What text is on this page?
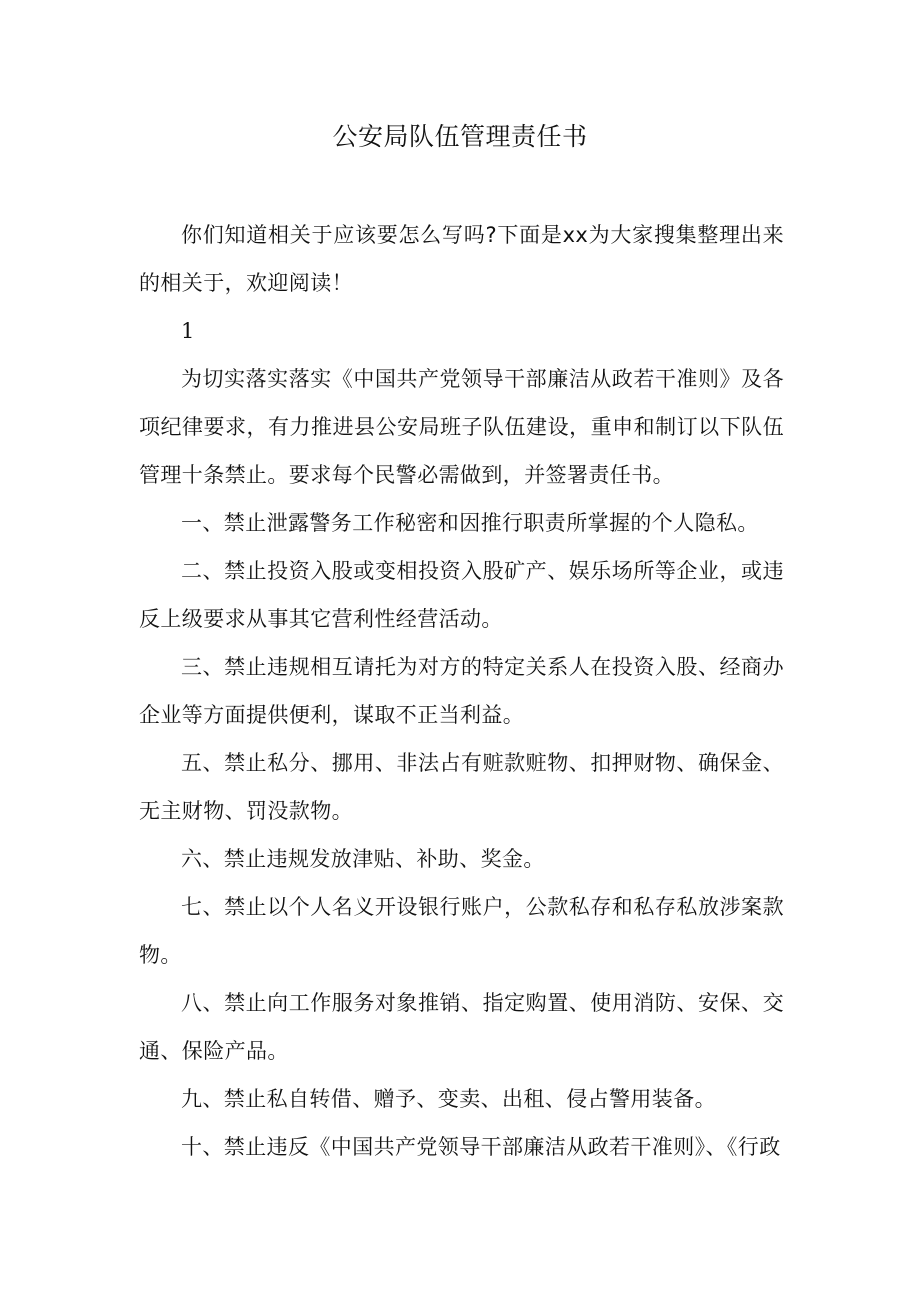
公安局队伍管理责任书

你们知道相关于应该要怎么写吗?下面是xx为大家搜集整理出来的相关于，欢迎阅读！

1

为切实落实落实《中国共产党领导干部廉洁从政若干准则》及各项纪律要求，有力推进县公安局班子队伍建设，重申和制订以下队伍管理十条禁止。要求每个民警必需做到，并签署责任书。

一、禁止泄露警务工作秘密和因推行职责所掌握的个人隐私。

二、禁止投资入股或变相投资入股矿产、娱乐场所等企业，或违反上级要求从事其它营利性经营活动。

三、禁止违规相互请托为对方的特定关系人在投资入股、经商办企业等方面提供便利，谋取不正当利益。

五、禁止私分、挪用、非法占有赃款赃物、扣押财物、确保金、无主财物、罚没款物。

六、禁止违规发放津贴、补助、奖金。

七、禁止以个人名义开设银行账户，公款私存和私存私放涉案款物。

八、禁止向工作服务对象推销、指定购置、使用消防、安保、交通、保险产品。

九、禁止私自转借、赠予、变卖、出租、侵占警用装备。

十、禁止违反《中国共产党领导干部廉洁从政若干准则》、《行政
